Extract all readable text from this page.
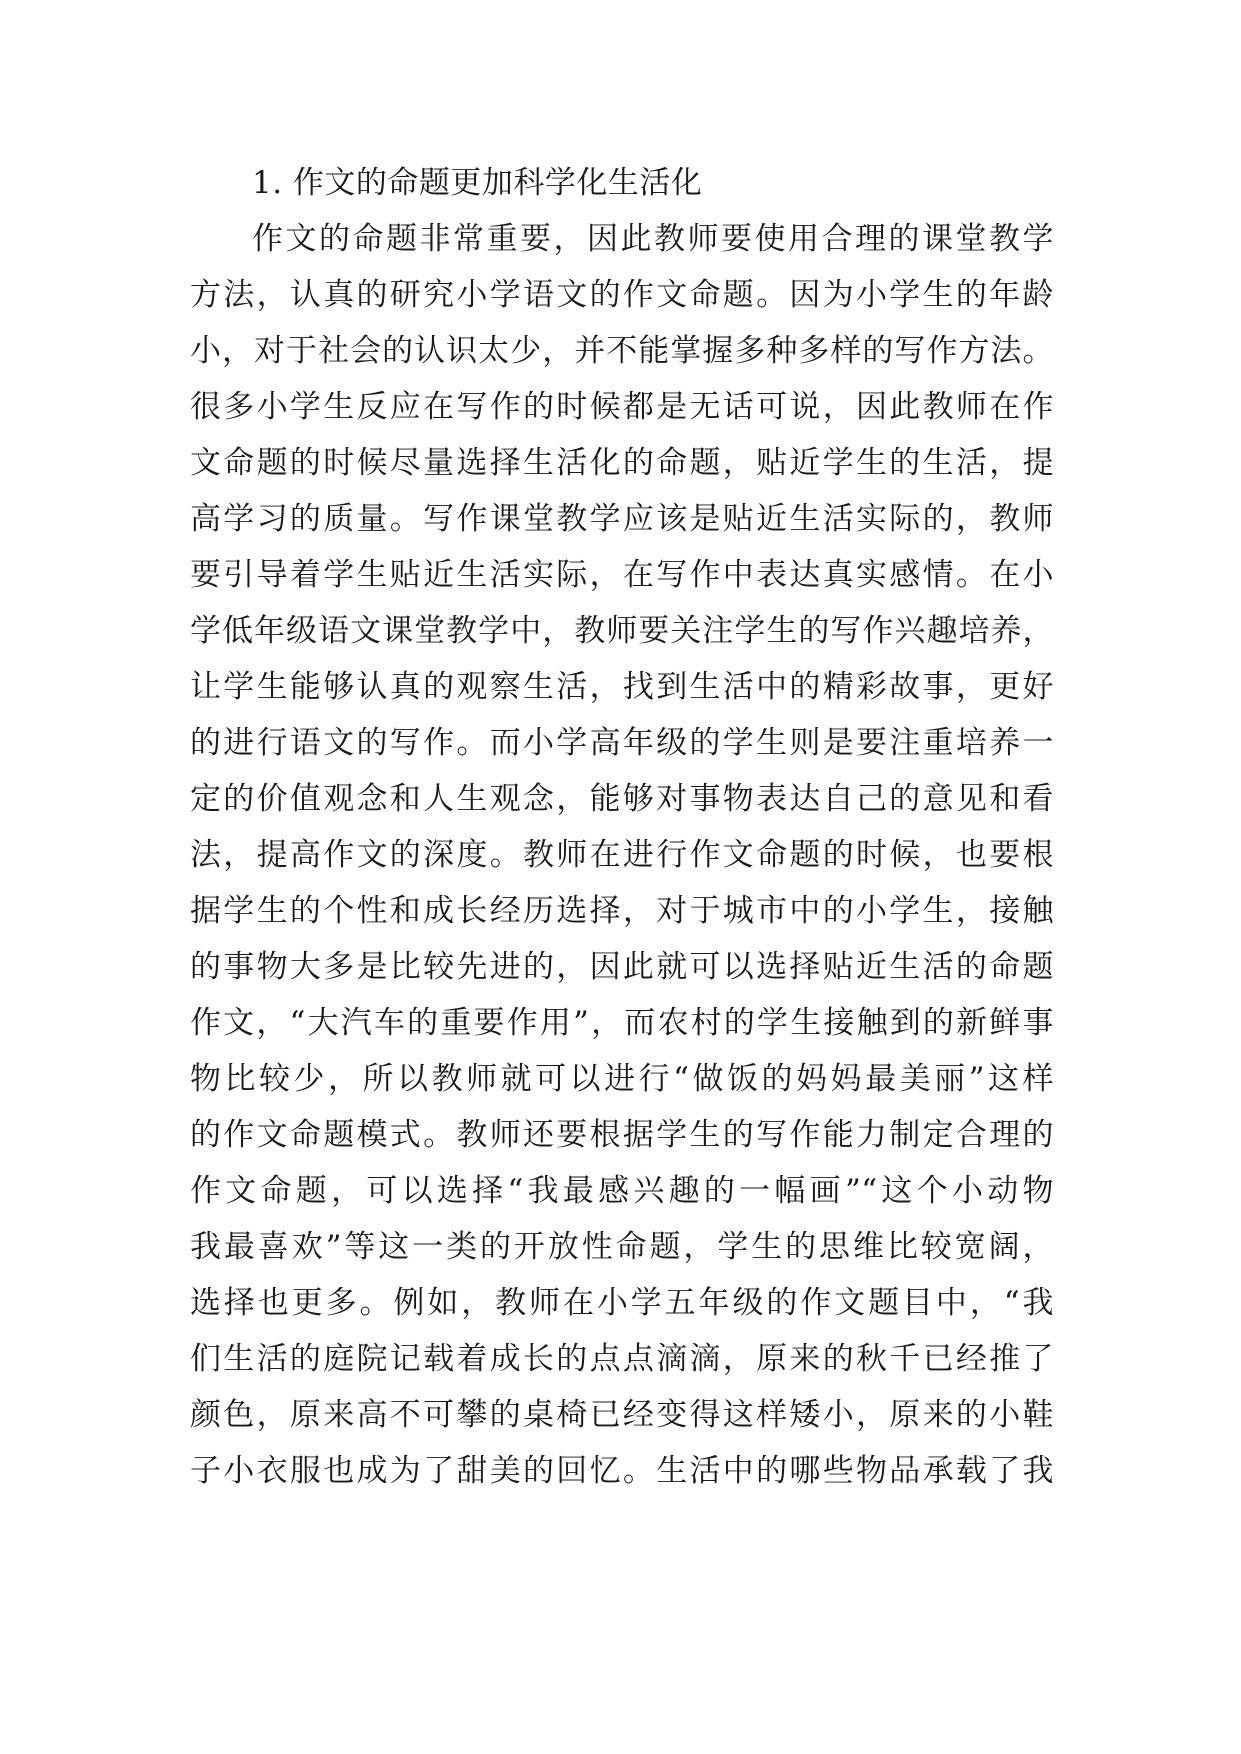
1. 作文的命题更加科学化生活化
作文的命题非常重要，因此教师要使用合理的课堂教学
方法，认真的研究小学语文的作文命题。因为小学生的年龄
小，对于社会的认识太少，并不能掌握多种多样的写作方法。
很多小学生反应在写作的时候都是无话可说，因此教师在作
文命题的时候尽量选择生活化的命题，贴近学生的生活，提
高学习的质量。写作课堂教学应该是贴近生活实际的，教师
要引导着学生贴近生活实际，在写作中表达真实感情。在小
学低年级语文课堂教学中，教师要关注学生的写作兴趣培养，
让学生能够认真的观察生活，找到生活中的精彩故事，更好
的进行语文的写作。而小学高年级的学生则是要注重培养一
定的价值观念和人生观念，能够对事物表达自己的意见和看
法，提高作文的深度。教师在进行作文命题的时候，也要根
据学生的个性和成长经历选择，对于城市中的小学生，接触
的事物大多是比较先进的，因此就可以选择贴近生活的命题
作文，“大汽车的重要作用”，而农村的学生接触到的新鲜事
物比较少，所以教师就可以进行“做饭的妈妈最美丽”这样
的作文命题模式。教师还要根据学生的写作能力制定合理的
作文命题，可以选择“我最感兴趣的一幅画”“这个小动物
我最喜欢”等这一类的开放性命题，学生的思维比较宽阔，
选择也更多。例如，教师在小学五年级的作文题目中，“我
们生活的庭院记载着成长的点点滴滴，原来的秋千已经推了
颜色，原来高不可攀的桌椅已经变得这样矮小，原来的小鞋
子小衣服也成为了甜美的回忆。生活中的哪些物品承载了我
